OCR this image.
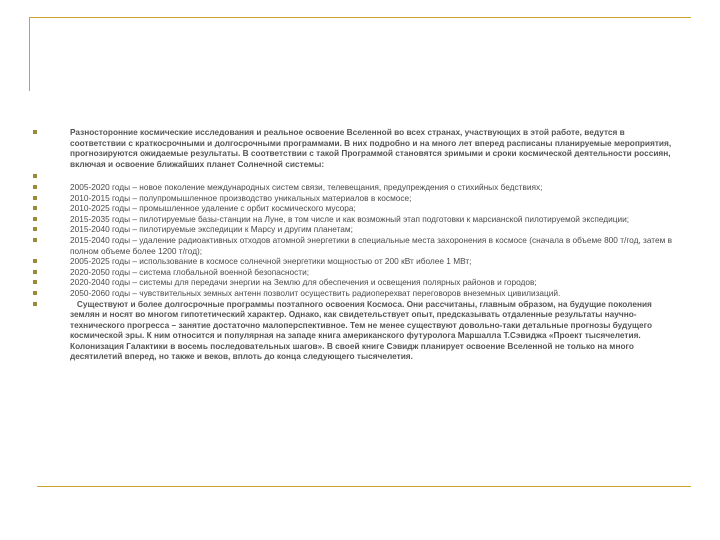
Разносторонние космические исследования и реальное освоение Вселенной во всех странах, участвующих в этой работе, ведутся в соответствии с краткосрочными и долгосрочными программами. В них подробно и на много лет вперед расписаны планируемые мероприятия, прогнозируются ожидаемые результаты. В соответствии с такой Программой становятся зримыми и сроки космической деятельности россиян, включая и освоение ближайших планет Солнечной системы:
2005-2020 годы – новое поколение международных систем связи, телевещания, предупреждения о стихийных бедствиях;
2010-2015 годы – полупромышленное производство уникальных материалов в космосе;
2010-2025 годы – промышленное удаление с орбит космического мусора;
2015-2035 годы – пилотируемые базы-станции на Луне, в том числе и как возможный этап подготовки к марсианской пилотируемой экспедиции;
2015-2040 годы – пилотируемые экспедиции к Марсу и другим планетам;
2015-2040 годы – удаление радиоактивных отходов атомной энергетики в специальные места захоронения в космосе (сначала в объеме 800 т/год, затем в полном объеме более 1200 т/год);
2005-2025 годы – использование в космосе солнечной энергетики мощностью от 200 кВт иболее 1 МВт;
2020-2050 годы – система глобальной военной безопасности;
2020-2040 годы – системы для передачи энергии на Землю для обеспечения и освещения полярных районов и городов;
2050-2060 годы – чувствительных земных антенн позволит осуществить радиоперехват переговоров внеземных цивилизаций.
Существуют и более долгосрочные программы поэтапного освоения Космоса. Они рассчитаны, главным образом, на будущие поколения землян и носят во многом гипотетический характер. Однако, как свидетельствует опыт, предсказывать отдаленные результаты научно-технического прогресса – занятие достаточно малоперспективное. Тем не менее существуют довольно-таки детальные прогнозы будущего космической эры. К ним относится и популярная на западе книга американского футуролога Маршалла Т.Сэвиджа «Проект тысячелетия. Колонизация Галактики в восемь последовательных шагов». В своей книге Сэвидж планирует освоение Вселенной не только на много десятилетий вперед, но также и веков, вплоть до конца следующего тысячелетия.
